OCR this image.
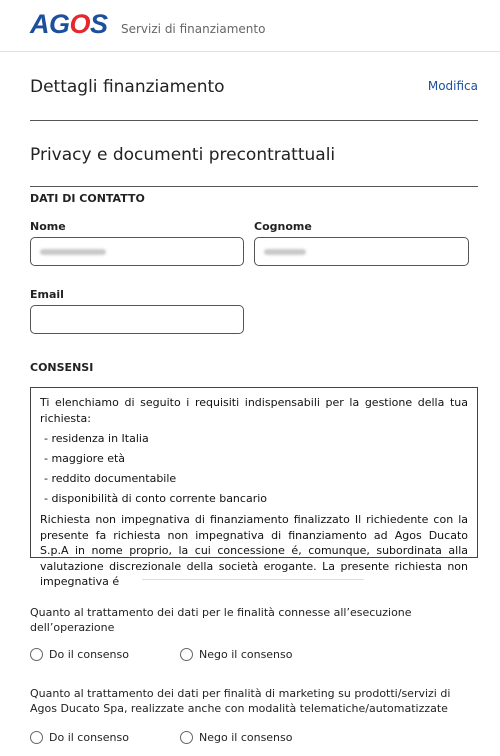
AGOS Servizi di finanziamento
Dettagli finanziamento	Modifica
Privacy e documenti precontrattuali
DATI DI CONTATTO
Nome	Cognome
Email
CONSENSI

Ti elenchiamo di seguito i requisiti indispensabili per la gestione della tua richiesta:

- residenza in Italia
- maggiore età
- reddito documentabile
- disponibilità di conto corrente bancario

Richiesta non impegnativa di finanziamento finalizzato Il richiedente con la presente fa richiesta non impegnativa di finanziamento ad Agos Ducato S.p.A in nome proprio, la cui concessione é, comunque, subordinata alla valutazione discrezionale della società erogante. La presente richiesta non impegnativa é

Quanto al trattamento dei dati per le finalità connesse all’esecuzione dell’operazione
Do il consenso	Nego il consenso
Quanto al trattamento dei dati per finalità di marketing su prodotti/servizi di Agos Ducato Spa, realizzate anche con modalità telematiche/automatizzate
Do il consenso	Nego il consenso
